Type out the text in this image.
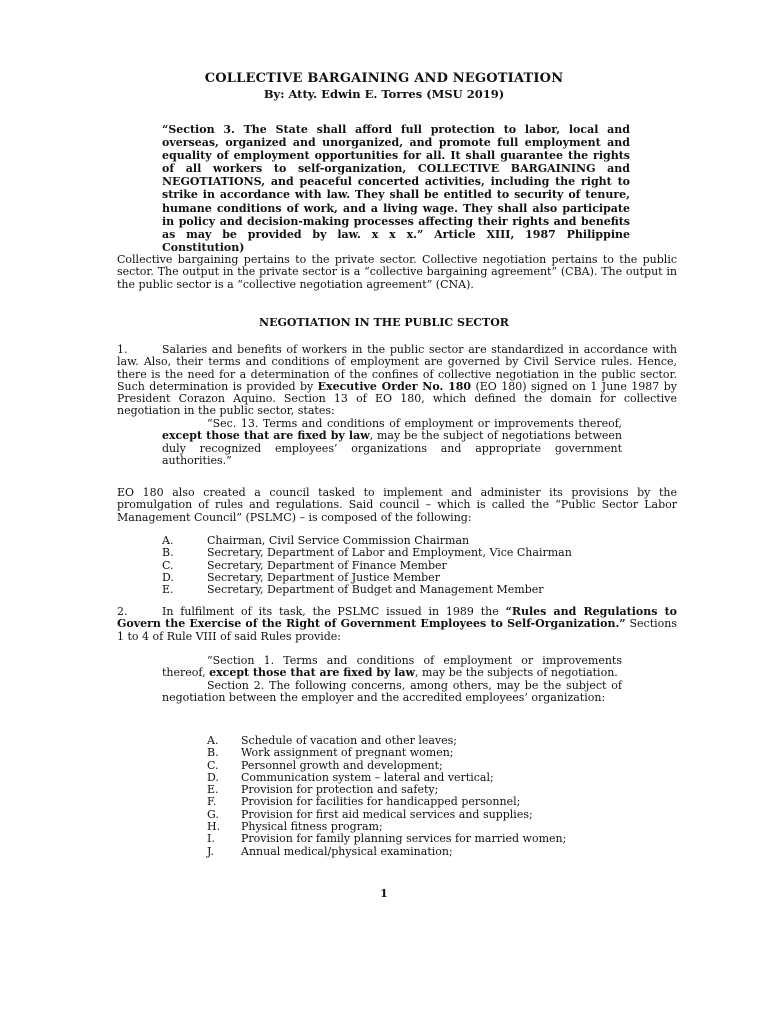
COLLECTIVE BARGAINING AND NEGOTIATION
By: Atty. Edwin E. Torres (MSU 2019)
“Section 3. The State shall afford full protection to labor, local and overseas, organized and unorganized, and promote full employment and equality of employment opportunities for all. It shall guarantee the rights of all workers to self-organization, COLLECTIVE BARGAINING and NEGOTIATIONS, and peaceful concerted activities, including the right to strike in accordance with law. They shall be entitled to security of tenure, humane conditions of work, and a living wage. They shall also participate in policy and decision-making processes affecting their rights and benefits as may be provided by law. x x x.” Article XIII, 1987 Philippine Constitution)
Collective bargaining pertains to the private sector. Collective negotiation pertains to the public sector. The output in the private sector is a “collective bargaining agreement” (CBA). The output in the public sector is a “collective negotiation agreement” (CNA).
NEGOTIATION IN THE PUBLIC SECTOR
1.	Salaries and benefits of workers in the public sector are standardized in accordance with law. Also, their terms and conditions of employment are governed by Civil Service rules. Hence, there is the need for a determination of the confines of collective negotiation in the public sector. Such determination is provided by Executive Order No. 180 (EO 180) signed on 1 June 1987 by President Corazon Aquino. Section 13 of EO 180, which defined the domain for collective negotiation in the public sector, states:
“Sec. 13. Terms and conditions of employment or improvements thereof, except those that are fixed by law, may be the subject of negotiations between duly recognized employees’ organizations and appropriate government authorities.”
EO 180 also created a council tasked to implement and administer its provisions by the promulgation of rules and regulations. Said council – which is called the “Public Sector Labor Management Council” (PSLMC) – is composed of the following:
A.	Chairman, Civil Service Commission Chairman
B.	Secretary, Department of Labor and Employment, Vice Chairman
C.	Secretary, Department of Finance Member
D.	Secretary, Department of Justice Member
E.	Secretary, Department of Budget and Management Member
2.	In fulfilment of its task, the PSLMC issued in 1989 the “Rules and Regulations to Govern the Exercise of the Right of Government Employees to Self-Organization.” Sections 1 to 4 of Rule VIII of said Rules provide:
“Section 1. Terms and conditions of employment or improvements thereof, except those that are fixed by law, may be the subjects of negotiation.
Section 2. The following concerns, among others, may be the subject of negotiation between the employer and the accredited employees’ organization:
A. Schedule of vacation and other leaves;
B. Work assignment of pregnant women;
C. Personnel growth and development;
D. Communication system – lateral and vertical;
E. Provision for protection and safety;
F. Provision for facilities for handicapped personnel;
G. Provision for first aid medical services and supplies;
H. Physical fitness program;
I. Provision for family planning services for married women;
J. Annual medical/physical examination;
1
